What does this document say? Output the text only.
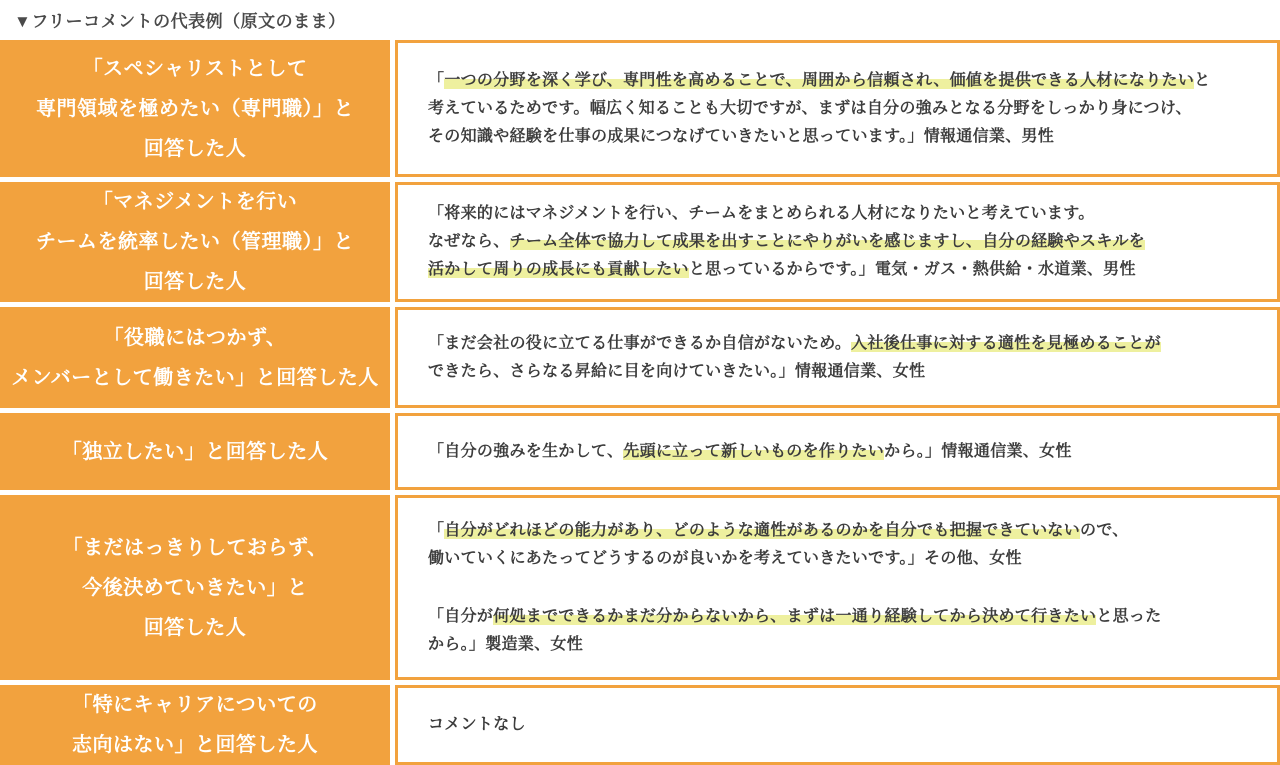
▼フリーコメントの代表例（原文のまま）
「スペシャリストとして
専門領域を極めたい（専門職）」と
回答した人
「一つの分野を深く学び、専門性を高めることで、周囲から信頼され、価値を提供できる人材になりたいと
考えているためです。幅広く知ることも大切ですが、まずは自分の強みとなる分野をしっかり身につけ、
その知識や経験を仕事の成果につなげていきたいと思っています。」情報通信業、男性
「マネジメントを行い
チームを統率したい（管理職）」と
回答した人
「将来的にはマネジメントを行い、チームをまとめられる人材になりたいと考えています。
なぜなら、チーム全体で協力して成果を出すことにやりがいを感じますし、自分の経験やスキルを
活かして周りの成長にも貢献したいと思っているからです。」電気・ガス・熱供給・水道業、男性
「役職にはつかず、
メンバーとして働きたい」と回答した人
「まだ会社の役に立てる仕事ができるか自信がないため。入社後仕事に対する適性を見極めることが
できたら、さらなる昇給に目を向けていきたい。」情報通信業、女性
「独立したい」と回答した人	「自分の強みを生かして、先頭に立って新しいものを作りたいから。」情報通信業、女性
「まだはっきりしておらず、
今後決めていきたい」と
回答した人
「自分がどれほどの能力があり、どのような適性があるのかを自分でも把握できていないので、
働いていくにあたってどうするのが良いかを考えていきたいです。」その他、女性
「自分が何処までできるかまだ分からないから、まずは一通り経験してから決めて行きたいと思った
から。」製造業、女性
「特にキャリアについての
志向はない」と回答した人
コメントなし
